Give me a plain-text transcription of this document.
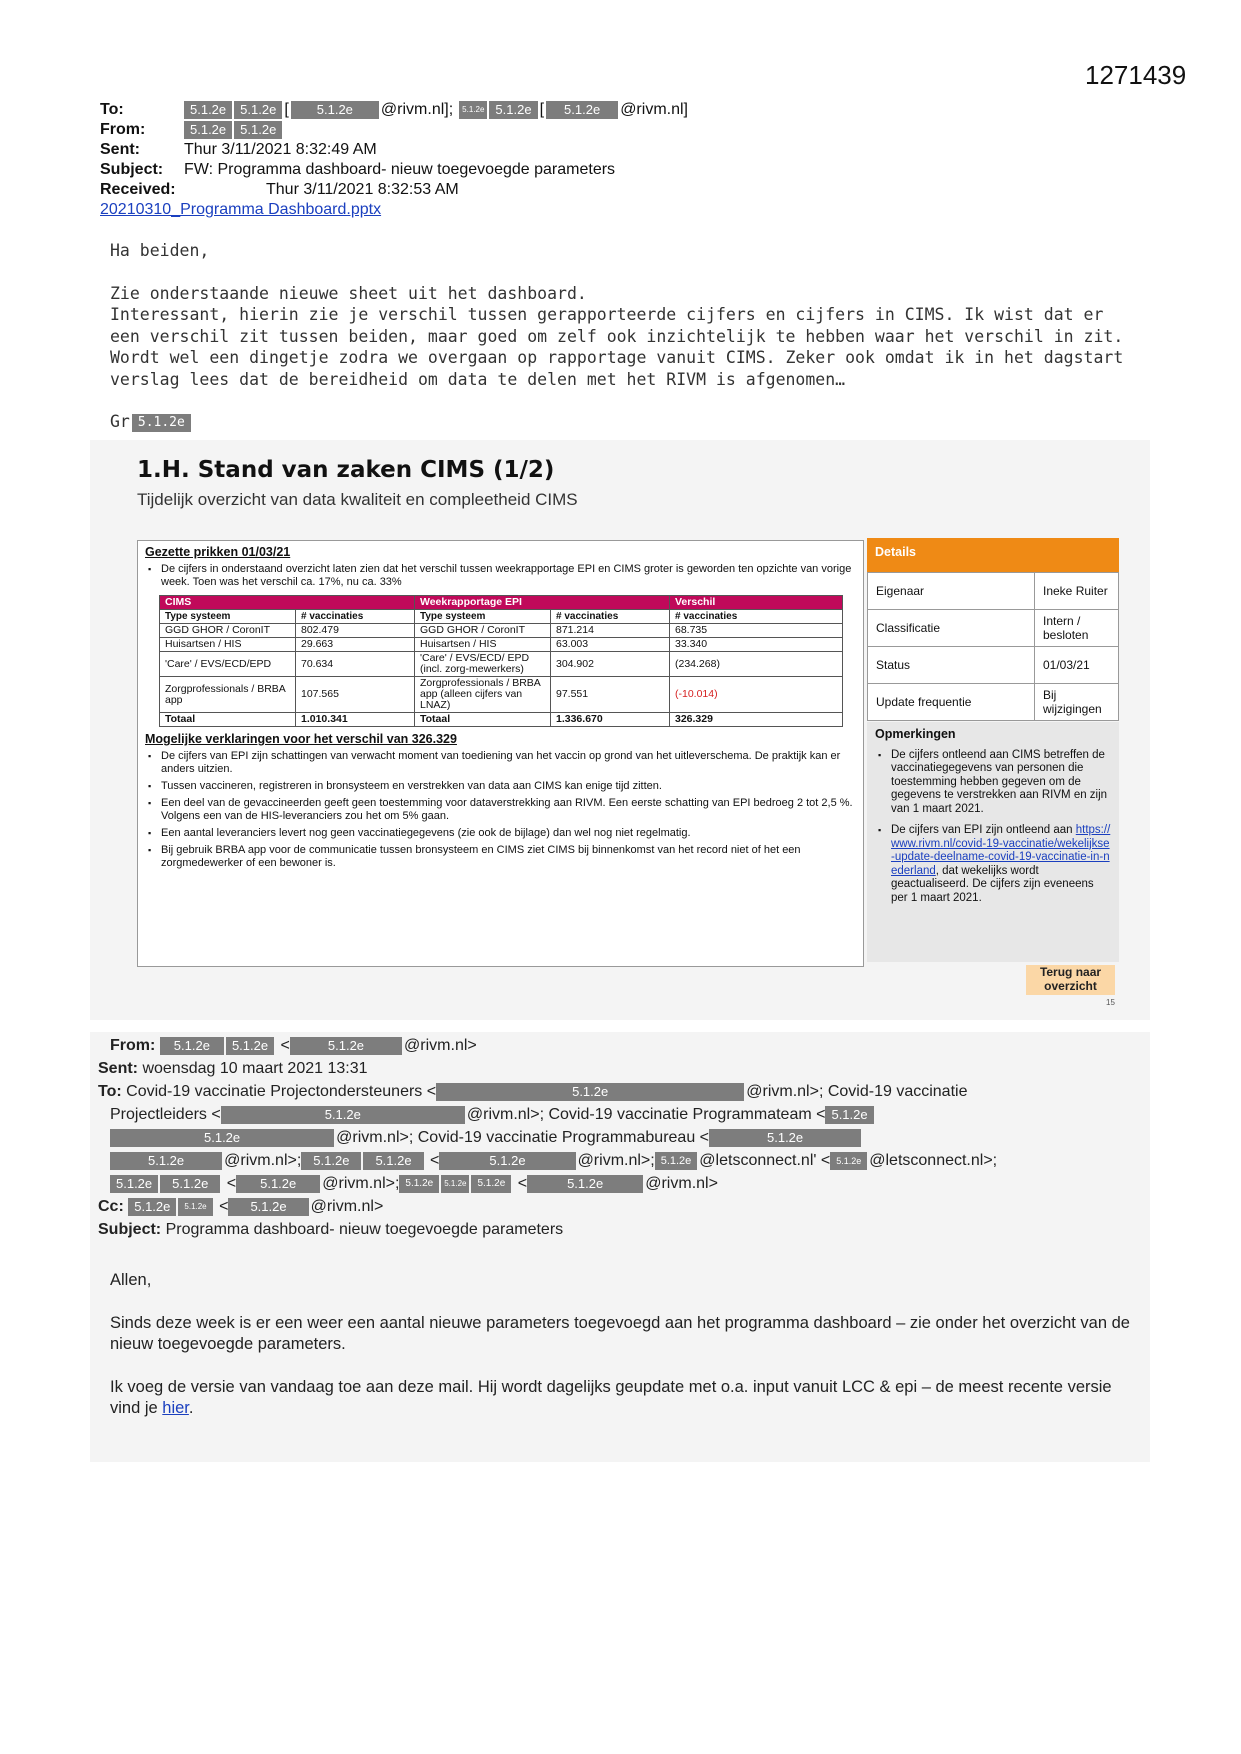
1271439
To:	5.1.2e	5.1.2e [	5.1.2e	@rivm.nl];	5.1.2e 5.1.2e [	5.1.2e	@rivm.nl]
From:	5.1.2e	5.1.2e
Sent:	Thur 3/11/2021 8:32:49 AM
Subject:	FW: Programma dashboard- nieuw toegevoegde parameters
Received:	Thur 3/11/2021 8:32:53 AM
20210310_Programma Dashboard.pptx

Ha beiden,

Zie onderstaande nieuwe sheet uit het dashboard.

Interessant, hierin zie je verschil tussen gerapporteerde cijfers en cijfers in CIMS. Ik wist dat er een verschil zit tussen beiden, maar goed om zelf ook inzichtelijk te hebben waar het verschil in zit.

Wordt wel een dingetje zodra we overgaan op rapportage vanuit CIMS. Zeker ook omdat ik in het dagstart verslag lees dat de bereidheid om data te delen met het RIVM is afgenomen…

Gr 5.1.2e

1.H. Stand van zaken CIMS (1/2)
Tijdelijk overzicht van data kwaliteit en compleetheid CIMS
Gezette prikken 01/03/21
▪ De cijfers in onderstaand overzicht laten zien dat het verschil tussen weekrapportage EPI en CIMS groter is geworden ten opzichte van vorige week. Toen was het verschil ca. 17%, nu ca. 33%
CIMS		Weekrapportage EPI		Verschil
Type systeem	# vaccinaties	Type systeem	# vaccinaties	# vaccinaties
GGD GHOR / CoronIT	802.479	GGD GHOR / CoronIT	871.214	68.735
Huisartsen / HIS	29.663	Huisartsen / HIS	63.003	33.340
'Care' / EVS/ECD/EPD	70.634	'Care' / EVS/ECD/ EPD (incl. zorg-mewerkers)	304.902	(234.268)
Zorgprofessionals / BRBA app	107.565	Zorgprofessionals / BRBA app (alleen cijfers van LNAZ)	97.551	(-10.014)
Totaal	1.010.341	Totaal	1.336.670	326.329
Mogelijke verklaringen voor het verschil van 326.329
▪ De cijfers van EPI zijn schattingen van verwacht moment van toediening van het vaccin op grond van het uitleverschema. De praktijk kan er anders uitzien.
▪ Tussen vaccineren, registreren in bronsysteem en verstrekken van data aan CIMS kan enige tijd zitten.
▪ Een deel van de gevaccineerden geeft geen toestemming voor dataverstrekking aan RIVM. Een eerste schatting van EPI bedroeg 2 tot 2,5 %. Volgens een van de HIS-leveranciers zou het om 5% gaan.
▪ Een aantal leveranciers levert nog geen vaccinatiegegevens (zie ook de bijlage) dan wel nog niet regelmatig.
▪ Bij gebruik BRBA app voor de communicatie tussen bronsysteem en CIMS ziet CIMS bij binnenkomst van het record niet of het een zorgmedewerker of een bewoner is.
Details
Eigenaar	Ineke Ruiter
Classificatie	Intern / besloten
Status	01/03/21
Update frequentie	Bij wijzigingen
Opmerkingen
▪ De cijfers ontleend aan CIMS betreffen de vaccinatiegegevens van personen die toestemming hebben gegeven om de gegevens te verstrekken aan RIVM en zijn van 1 maart 2021.
▪ De cijfers van EPI zijn ontleend aan https://www.rivm.nl/covid-19-vaccinatie/wekelijkse-update-deelname-covid-19-vaccinatie-in-nederland, dat wekelijks wordt geactualiseerd. De cijfers zijn eveneens per 1 maart 2021.
Terug naar overzicht
15
From:
	5.1.2e	5.1.2e <	5.1.2e	@rivm.nl>
Sent:
woensdag 10 maart 2021 13:31
To:
Covid-19 vaccinatie Projectondersteuners <	5.1.2e	@rivm.nl>; Covid-19 vaccinatie
Projectleiders <	5.1.2e	@rivm.nl>; Covid-19 vaccinatie Programmateam < 5.1.2e
5.1.2e	@rivm.nl>; Covid-19 vaccinatie Programmabureau <	5.1.2e
5.1.2e	@rivm.nl>; 5.1.2e	5.1.2e <	5.1.2e	@rivm.nl>; 5.1.2e @letsconnect.nl' < 5.1.2e @letsconnect.nl>;
5.1.2e	5.1.2e <	5.1.2e	@rivm.nl>; 5.1.2e	5.1.2e	5.1.2e <	5.1.2e	@rivm.nl>
Cc:
5.1.2e	5.1.2e <	5.1.2e	@rivm.nl>
Subject:
Programma dashboard- nieuw toegevoegde parameters

Allen,

Sinds deze week is er een weer een aantal nieuwe parameters toegevoegd aan het programma dashboard – zie onder het overzicht van de nieuw toegevoegde parameters.

Ik voeg de versie van vandaag toe aan deze mail. Hij wordt dagelijks geupdate met o.a. input vanuit LCC & epi – de meest recente versie vind je hier.
